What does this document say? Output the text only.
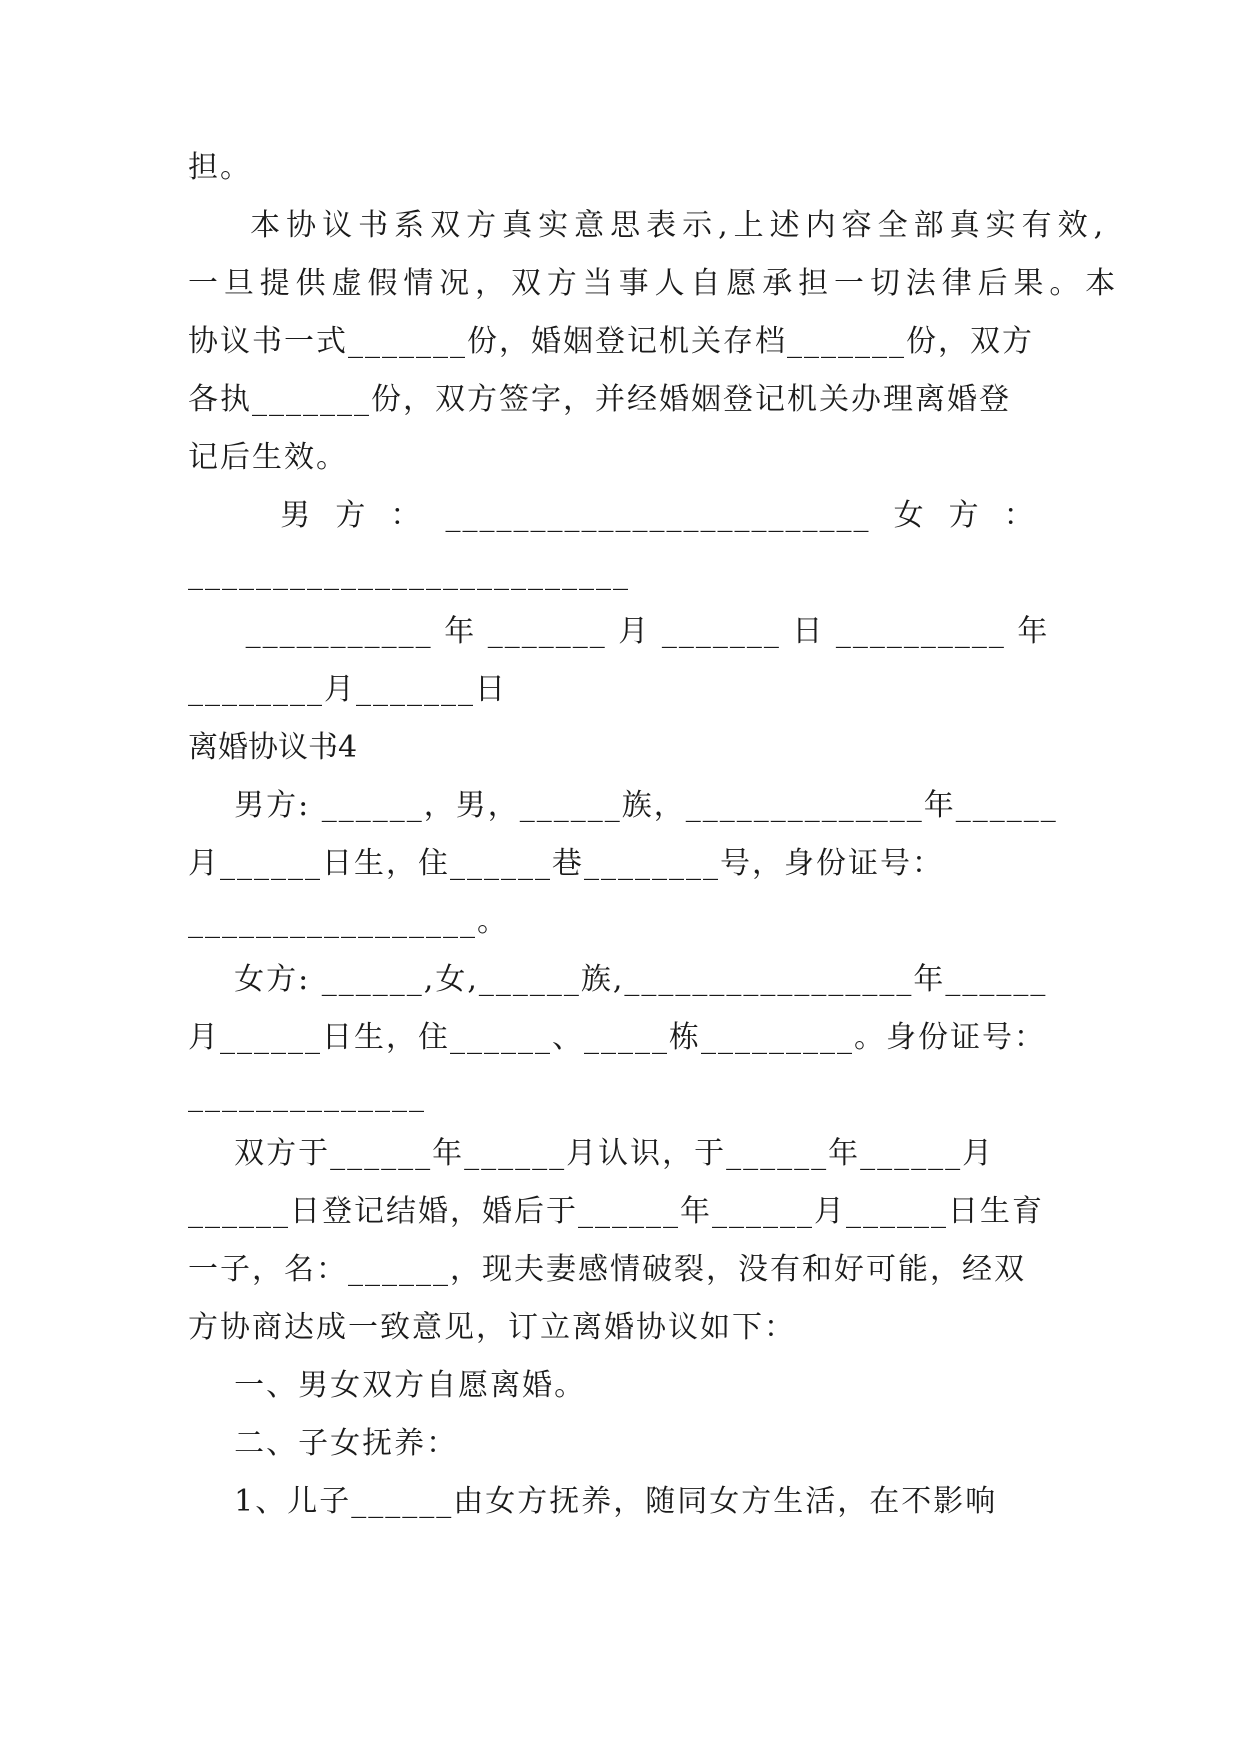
担。
本协议书系双方真实意思表示,上述内容全部真实有效,
一旦提供虚假情况，双方当事人自愿承担一切法律后果。本
协议书一式_______份，婚姻登记机关存档_______份，双方
各执_______份，双方签字，并经婚姻登记机关办理离婚登
记后生效。
男  方  ：  _________________________  女  方  ：
__________________________
___________ 年 _______ 月 _______ 日 __________ 年
________月_______日
离婚协议书4
男方: ______，男，______族，______________年______
月______日生，住______巷________号，身份证号：
_________________。
女方: ______,女,______族,_________________年______
月______日生，住______、_____栋_________。身份证号：
______________
双方于______年______月认识，于______年______月
______日登记结婚，婚后于______年______月______日生育
一子，名：______，现夫妻感情破裂，没有和好可能，经双
方协商达成一致意见，订立离婚协议如下：
一、男女双方自愿离婚。
二、子女抚养：
1、儿子______由女方抚养，随同女方生活，在不影响
